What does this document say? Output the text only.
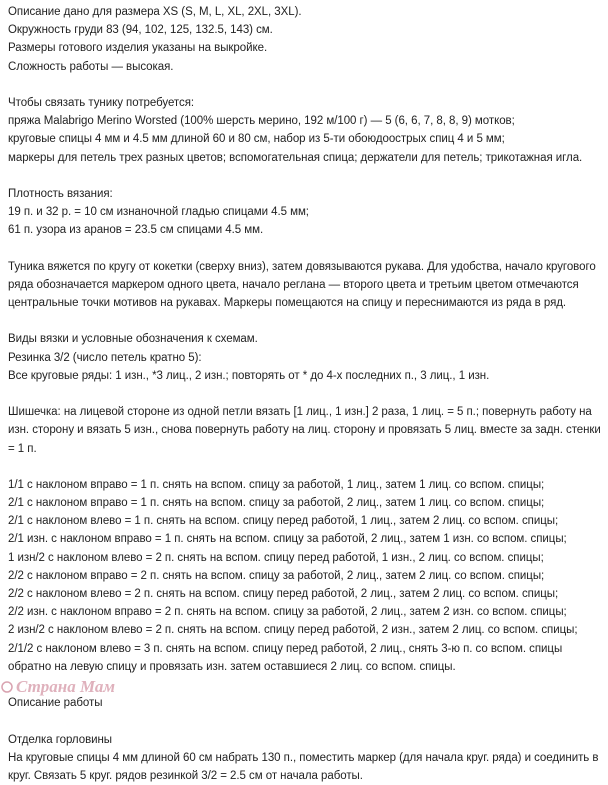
Описание дано для размера XS (S, M, L, XL, 2XL, 3XL).
Окружность груди 83 (94, 102, 125, 132.5, 143) см.
Размеры готового изделия указаны на выкройке.
Сложность работы — высокая.
Чтобы связать тунику потребуется:
пряжа Malabrigo Merino Worsted (100% шерсть мерино, 192 м/100 г) — 5 (6, 6, 7, 8, 8, 9) мотков;
круговые спицы 4 мм и 4.5 мм длиной 60 и 80 см, набор из 5-ти обоюдоострых спиц 4 и 5 мм;
маркеры для петель трех разных цветов; вспомогательная спица; держатели для петель; трикотажная игла.
Плотность вязания:
19 п. и 32 р. = 10 см изнаночной гладью спицами 4.5 мм;
61 п. узора из аранов = 23.5 см спицами 4.5 мм.
Туника вяжется по кругу от кокетки (сверху вниз), затем довязываются рукава. Для удобства, начало кругового
ряда обозначается маркером одного цвета, начало реглана — второго цвета и третьим цветом отмечаются
центральные точки мотивов на рукавах. Маркеры помещаются на спицу и переснимаются из ряда в ряд.
Виды вязки и условные обозначения к схемам.
Резинка 3/2 (число петель кратно 5):
Все круговые ряды: 1 изн., *3 лиц., 2 изн.; повторять от * до 4-х последних п., 3 лиц., 1 изн.
Шишечка: на лицевой стороне из одной петли вязать [1 лиц., 1 изн.] 2 раза, 1 лиц. = 5 п.; повернуть работу на
изн. сторону и вязать 5 изн., снова повернуть работу на лиц. сторону и провязать 5 лиц. вместе за задн. стенки
= 1 п.
1/1 с наклоном вправо = 1 п. снять на вспом. спицу за работой, 1 лиц., затем 1 лиц. со вспом. спицы;
2/1 с наклоном вправо = 1 п. снять на вспом. спицу за работой, 2 лиц., затем 1 лиц. со вспом. спицы;
2/1 с наклоном влево = 1 п. снять на вспом. спицу перед работой, 1 лиц., затем 2 лиц. со вспом. спицы;
2/1 изн. с наклоном вправо = 1 п. снять на вспом. спицу за работой, 2 лиц., затем 1 изн. со вспом. спицы;
1 изн/2 с наклоном влево = 2 п. снять на вспом. спицу перед работой, 1 изн., 2 лиц. со вспом. спицы;
2/2 с наклоном вправо = 2 п. снять на вспом. спицу за работой, 2 лиц., затем 2 лиц. со вспом. спицы;
2/2 с наклоном влево = 2 п. снять на вспом. спицу перед работой, 2 лиц., затем 2 лиц. со вспом. спицы;
2/2 изн. с наклоном вправо = 2 п. снять на вспом. спицу за работой, 2 лиц., затем 2 изн. со вспом. спицы;
2 изн/2 с наклоном влево = 2 п. снять на вспом. спицу перед работой, 2 изн., затем 2 лиц. со вспом. спицы;
2/1/2 с наклоном влево = 3 п. снять на вспом. спицу перед работой, 2 лиц., снять 3-ю п. со вспом. спицы
обратно на левую спицу и провязать изн. затем оставшиеся 2 лиц. со вспом. спицы.
Описание работы
Отделка горловины
На круговые спицы 4 мм длиной 60 см набрать 130 п., поместить маркер (для начала круг. ряда) и соединить в
круг. Связать 5 круг. рядов резинкой 3/2 = 2.5 см от начала работы.
Страна Мам
